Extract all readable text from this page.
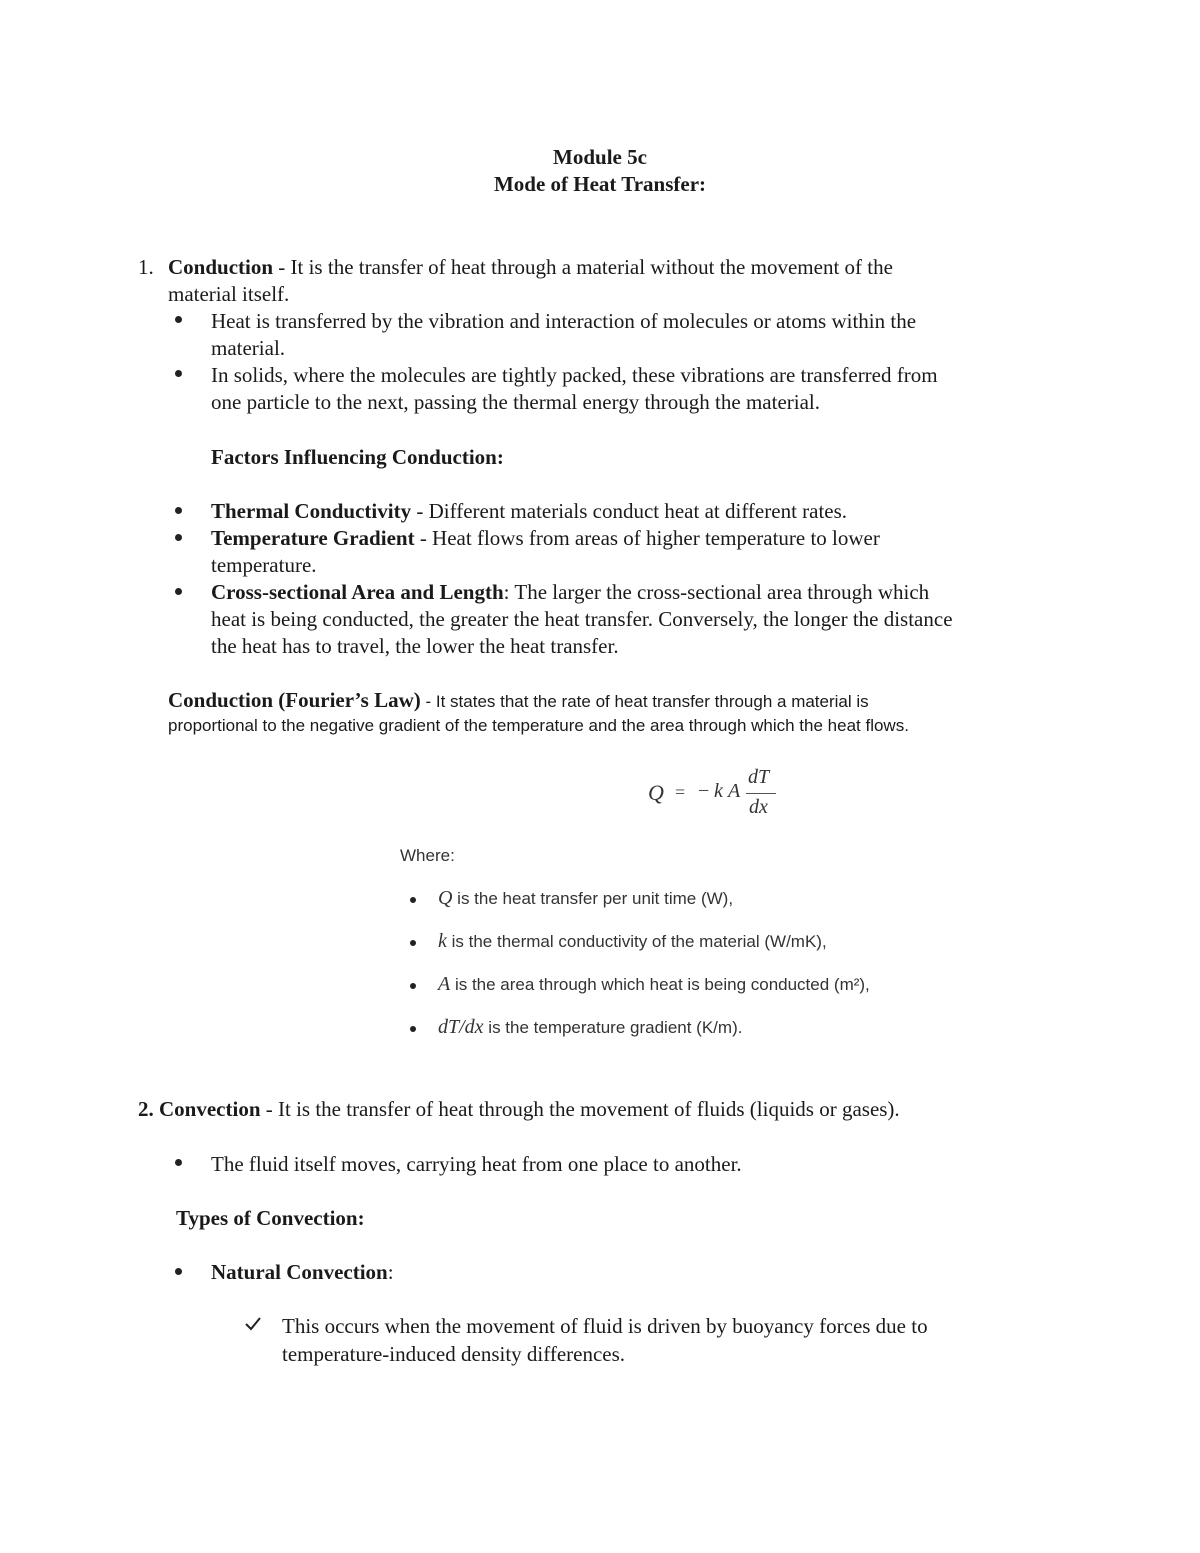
Module 5c
Mode of Heat Transfer:
1. Conduction - It is the transfer of heat through a material without the movement of the
material itself.
Heat is transferred by the vibration and interaction of molecules or atoms within the
material.
In solids, where the molecules are tightly packed, these vibrations are transferred from
one particle to the next, passing the thermal energy through the material.
Factors Influencing Conduction:
Thermal Conductivity - Different materials conduct heat at different rates.
Temperature Gradient - Heat flows from areas of higher temperature to lower
temperature.
Cross-sectional Area and Length: The larger the cross-sectional area through which
heat is being conducted, the greater the heat transfer. Conversely, the longer the distance
the heat has to travel, the lower the heat transfer.
Conduction (Fourier’s Law) - It states that the rate of heat transfer through a material is
proportional to the negative gradient of the temperature and the area through which the heat flows.
Q = − k A
dT
dx
Where:
Q is the heat transfer per unit time (W),
k is the thermal conductivity of the material (W/mK),
A is the area through which heat is being conducted (m²),
dT/dx is the temperature gradient (K/m).
2. Convection - It is the transfer of heat through the movement of fluids (liquids or gases).
The fluid itself moves, carrying heat from one place to another.
Types of Convection:
Natural Convection:
This occurs when the movement of fluid is driven by buoyancy forces due to
temperature-induced density differences.
